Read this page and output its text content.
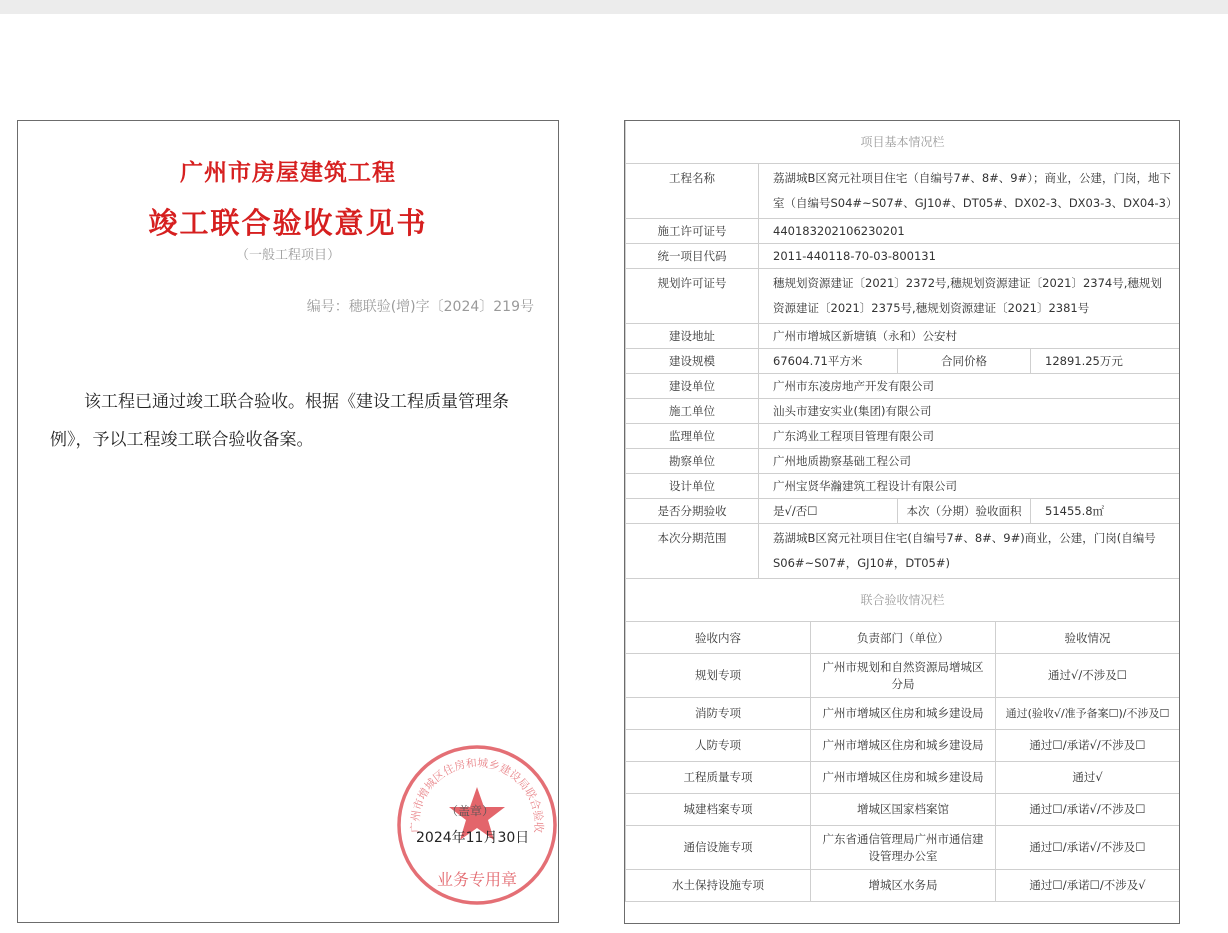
广州市房屋建筑工程
竣工联合验收意见书
（一般工程项目）
编号：穗联验(增)字〔2024〕219号

该工程已通过竣工联合验收。根据《建设工程质量管理条例》，予以工程竣工联合验收备案。

广州市增城区住房和城乡建设局联合验收
业务专用章
（盖章）
2024年11月30日
项目基本情况栏			
工程名称	荔湖城B区窝元社项目住宅（自编号7#、8#、9#）；商业，公建，门岗，地下室（自编号S04#~S07#、GJ10#、DT05#、DX02-3、DX03-3、DX04-3）		
施工许可证号	440183202106230201		
统一项目代码	2011-440118-70-03-800131		
规划许可证号	穗规划资源建证〔2021〕2372号,穗规划资源建证〔2021〕2374号,穗规划资源建证〔2021〕2375号,穗规划资源建证〔2021〕2381号		
建设地址	广州市增城区新塘镇（永和）公安村		
建设规模	67604.71平方米	合同价格	12891.25万元
建设单位	广州市东凌房地产开发有限公司		
施工单位	汕头市建安实业(集团)有限公司		
监理单位	广东鸿业工程项目管理有限公司		
勘察单位	广州地质勘察基础工程公司		
设计单位	广州宝贤华瀚建筑工程设计有限公司		
是否分期验收	是√/否☐	本次（分期）验收面积	51455.8㎡
本次分期范围	荔湖城B区窝元社项目住宅(自编号7#、8#、9#)商业，公建，门岗(自编号S06#~S07#，GJ10#，DT05#)		
联合验收情况栏		
验收内容	负责部门（单位）	验收情况
规划专项	广州市规划和自然资源局增城区分局	通过√/不涉及☐
消防专项	广州市增城区住房和城乡建设局	通过(验收√/准予备案☐)/不涉及☐
人防专项	广州市增城区住房和城乡建设局	通过☐/承诺√/不涉及☐
工程质量专项	广州市增城区住房和城乡建设局	通过√
城建档案专项	增城区国家档案馆	通过☐/承诺√/不涉及☐
通信设施专项	广东省通信管理局广州市通信建设管理办公室	通过☐/承诺√/不涉及☐
水土保持设施专项	增城区水务局	通过☐/承诺☐/不涉及√
